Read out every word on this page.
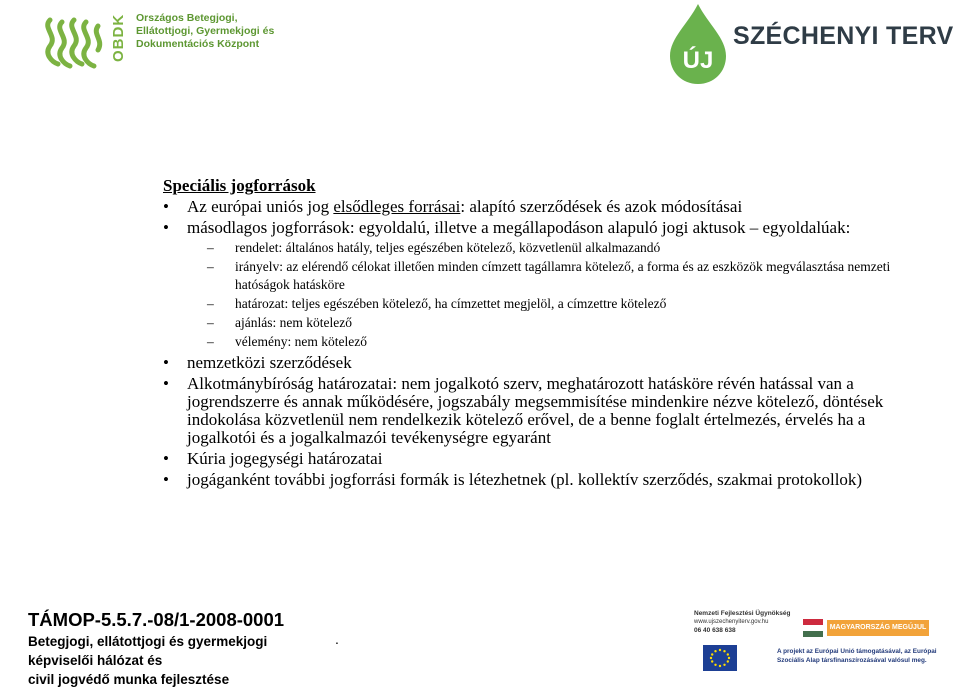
OBDK Országos Betegjogi,
Ellátottjogi, Gyermekjogi és
Dokumentációs Központ
ÚJ
SZÉCHENYI TERV
Speciális jogforrások
• Az európai uniós jog elsődleges forrásai: alapító szerződések és azok módosításai
• másodlagos jogforrások: egyoldalú, illetve a megállapodáson alapuló jogi aktusok – egyoldalúak:
– rendelet: általános hatály, teljes egészében kötelező, közvetlenül alkalmazandó
– irányelv: az elérendő célokat illetően minden címzett tagállamra kötelező, a forma és az eszközök megválasztása nemzeti hatóságok hatásköre
– határozat: teljes egészében kötelező, ha címzettet megjelöl, a címzettre kötelező
– ajánlás: nem kötelező
– vélemény: nem kötelező
• nemzetközi szerződések
• Alkotmánybíróság határozatai: nem jogalkotó szerv, meghatározott hatásköre révén hatással van a jogrendszerre és annak működésére, jogszabály megsemmisítése mindenkire nézve kötelező, döntések indokolása közvetlenül nem rendelkezik kötelező erővel, de a benne foglalt értelmezés, érvelés ha a jogalkotói és a jogalkalmazói tevékenységre egyaránt
• Kúria jogegységi határozatai
• jogáganként további jogforrási formák is létezhetnek (pl. kollektív szerződés, szakmai protokollok)
TÁMOP-5.5.7.-08/1-2008-0001
Betegjogi, ellátottjogi és gyermekjogi
képviselői hálózat és
civil jogvédő munka fejlesztése
.
Nemzeti Fejlesztési Ügynökség
www.ujszechenyiterv.gov.hu
06 40 638 638	MAGYARORSZÁG MEGÚJUL
A projekt az Európai Unió támogatásával, az Európai
Szociális Alap társfinanszírozásával valósul meg.
